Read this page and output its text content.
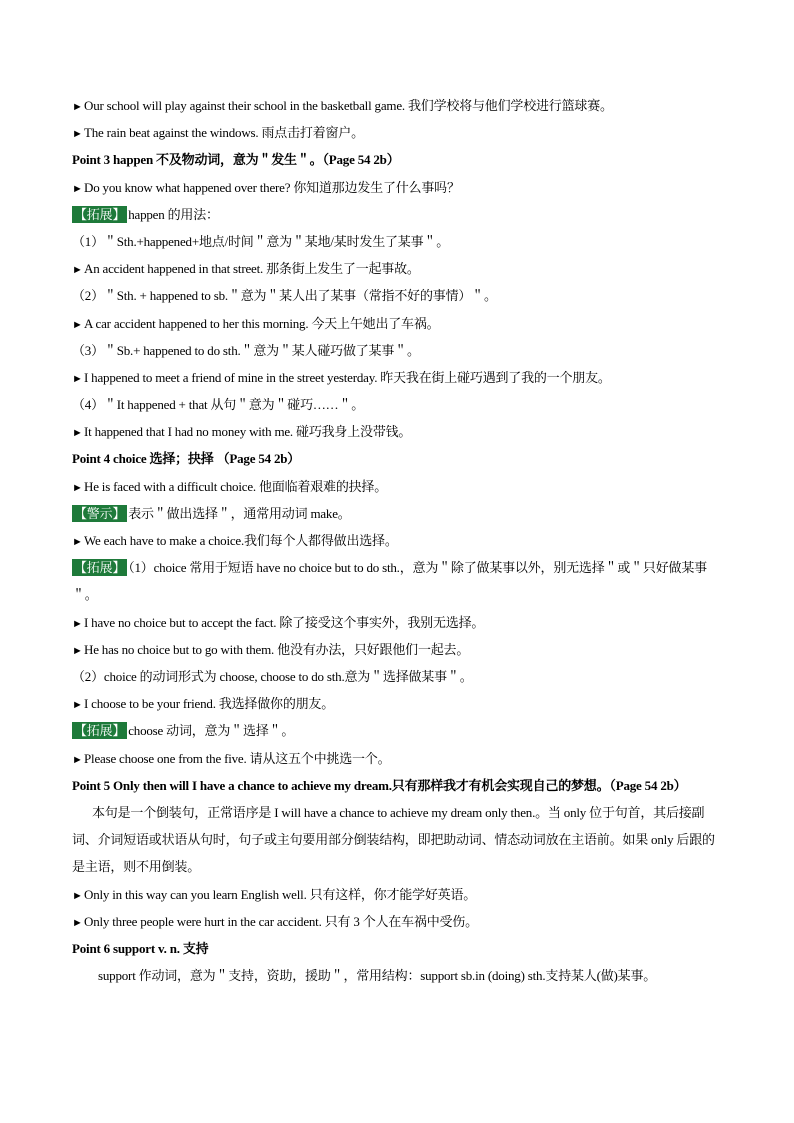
►Our school will play against their school in the basketball game. 我们学校将与他们学校进行篮球赛。
►The rain beat against the windows. 雨点击打着窗户。
Point 3 happen 不及物动词，意为＂发生＂。（Page 54 2b）
►Do you know what happened over there? 你知道那边发生了什么事吗？
【拓展】 happen 的用法：
（1）＂Sth.+happened+地点/时间＂意为＂某地/某时发生了某事＂。
►An accident happened in that street. 那条街上发生了一起事故。
（2）＂Sth. + happened to sb.＂意为＂某人出了某事（常指不好的事情）＂。
►A car accident happened to her this morning. 今天上午她出了车祸。
（3）＂Sb.+ happened to do sth.＂意为＂某人碰巧做了某事＂。
►I happened to meet a friend of mine in the street yesterday. 昨天我在街上碰巧遇到了我的一个朋友。
（4）＂It happened + that 从句＂意为＂碰巧……＂。
►It happened that I had no money with me. 碰巧我身上没带钱。
Point 4 choice 选择；抉择 （Page 54 2b）
►He is faced with a difficult choice. 他面临着艰难的抉择。
【警示】 表示＂做出选择＂，通常用动词 make。
►We each have to make a choice.我们每个人都得做出选择。
【拓展】 （1）choice 常用于短语 have no choice but to do sth.，意为＂除了做某事以外，别无选择＂或＂只好做某事＂。
►I have no choice but to accept the fact. 除了接受这个事实外，我别无选择。
►He has no choice but to go with them. 他没有办法，只好跟他们一起去。
（2）choice 的动词形式为 choose, choose to do sth.意为＂选择做某事＂。
►I choose to be your friend. 我选择做你的朋友。
【拓展】 choose 动词，意为＂选择＂。
►Please choose one from the five. 请从这五个中挑选一个。
Point 5 Only then will I have a chance to achieve my dream.只有那样我才有机会实现自己的梦想。（Page 54 2b）
本句是一个倒装句，正常语序是 I will have a chance to achieve my dream only then.。当 only 位于句首，其后接副词、介词短语或状语从句时，句子或主句要用部分倒装结构，即把助动词、情态动词放在主语前。如果 only 后跟的是主语，则不用倒装。
►Only in this way can you learn English well. 只有这样，你才能学好英语。
►Only three people were hurt in the car accident. 只有 3 个人在车祸中受伤。
Point 6 support v. n. 支持
support 作动词，意为＂支持，资助，援助＂，常用结构：support sb.in (doing) sth.支持某人(做)某事。
